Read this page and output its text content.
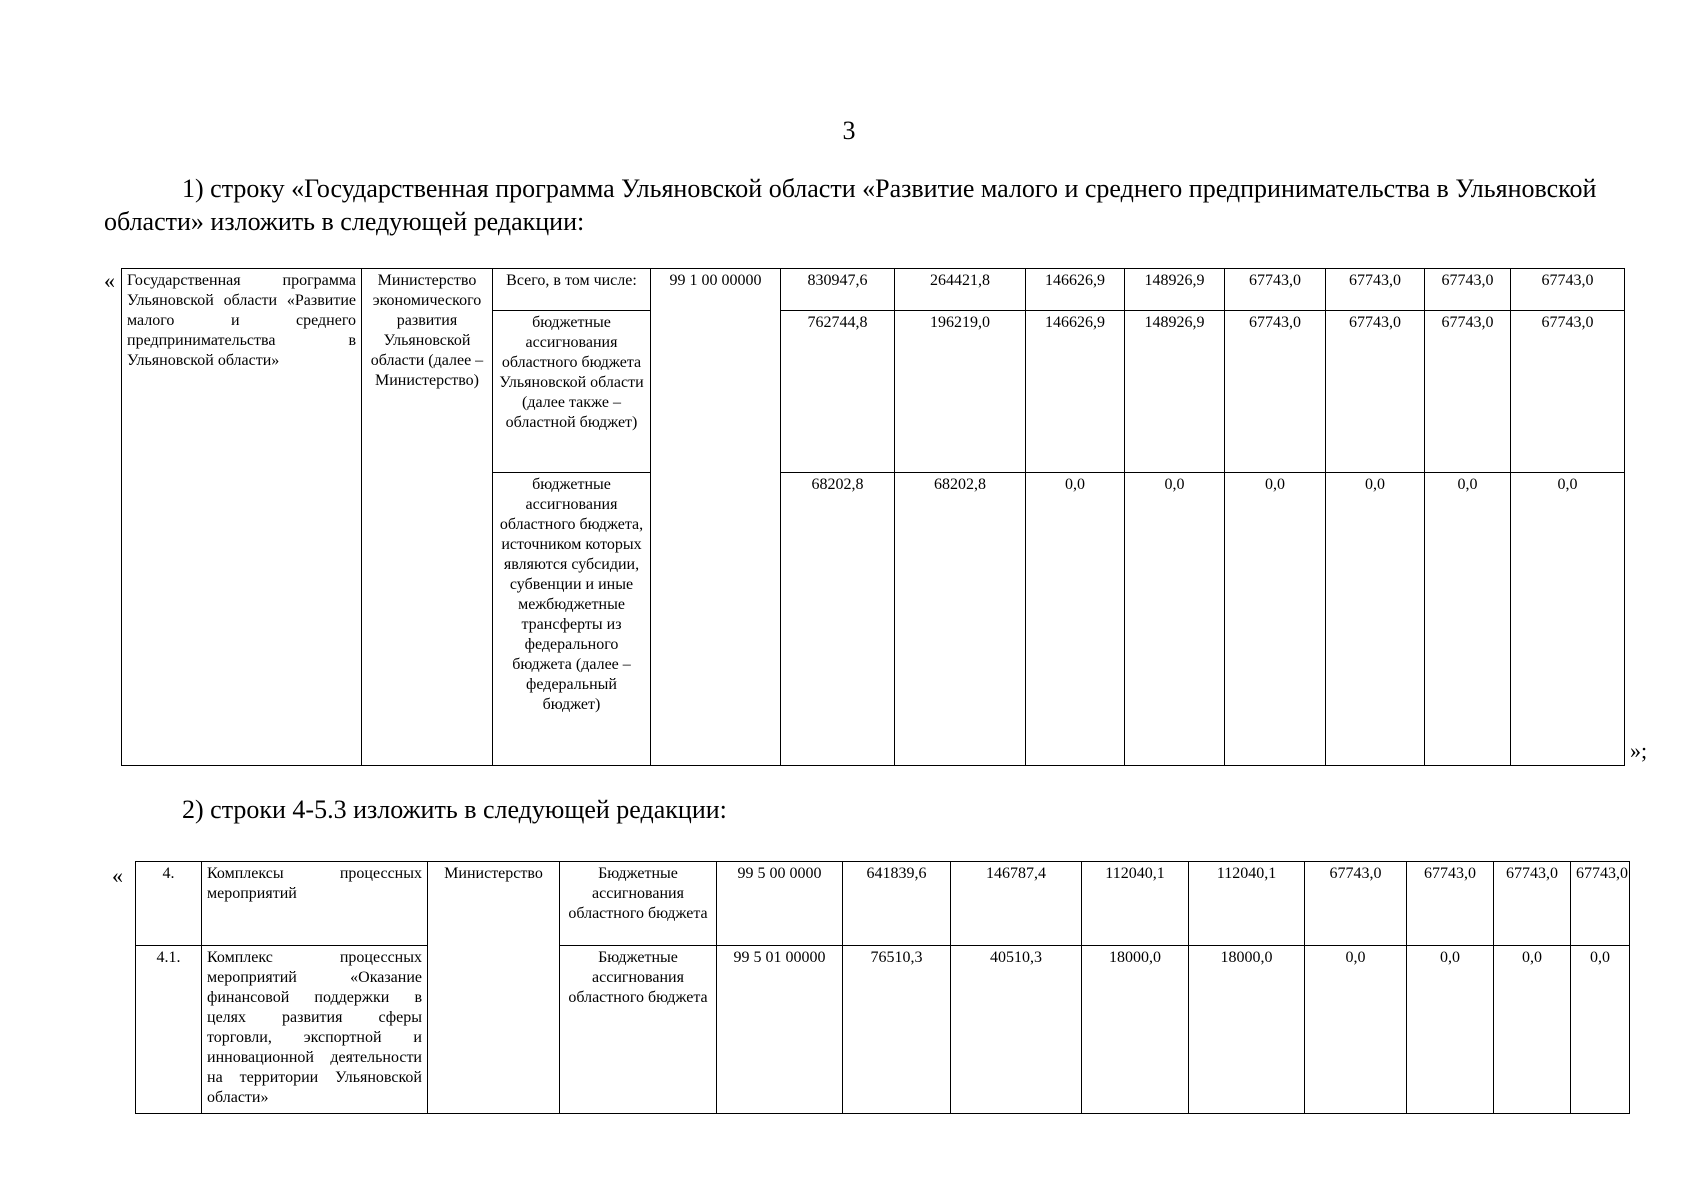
3
1) строку «Государственная программа Ульяновской области «Развитие малого и среднего предпринимательства в Ульяновской области» изложить в следующей редакции:
« Государственная программа Ульяновской области «Развитие малого и среднего предпринимательства в Ульяновской области»	Министерство экономического развития Ульяновской области (далее – Министерство)	Всего, в том числе:	99 1 00 00000	830947,6	264421,8	146626,9	148926,9	67743,0	67743,0	67743,0	67743,0
		бюджетные ассигнования областного бюджета Ульяновской области (далее также – областной бюджет)		762744,8	196219,0	146626,9	148926,9	67743,0	67743,0	67743,0	67743,0
		бюджетные ассигнования областного бюджета, источником которых являются субсидии, субвенции и иные межбюджетные трансферты из федерального бюджета (далее – федеральный бюджет)		68202,8	68202,8	0,0	0,0	0,0	0,0	0,0	0,0
»;
2) строки 4-5.3 изложить в следующей редакции:
« 4.	Комплексы процессных мероприятий	Министерство	Бюджетные ассигнования областного бюджета	99 5 00 0000	641839,6	146787,4	112040,1	112040,1	67743,0	67743,0	67743,0	67743,0
4.1.	Комплекс процессных мероприятий «Оказание финансовой поддержки в целях развития сферы торговли, экспортной и инновационной деятельности на территории Ульяновской области»		Бюджетные ассигнования областного бюджета	99 5 01 00000	76510,3	40510,3	18000,0	18000,0	0,0	0,0	0,0	0,0
